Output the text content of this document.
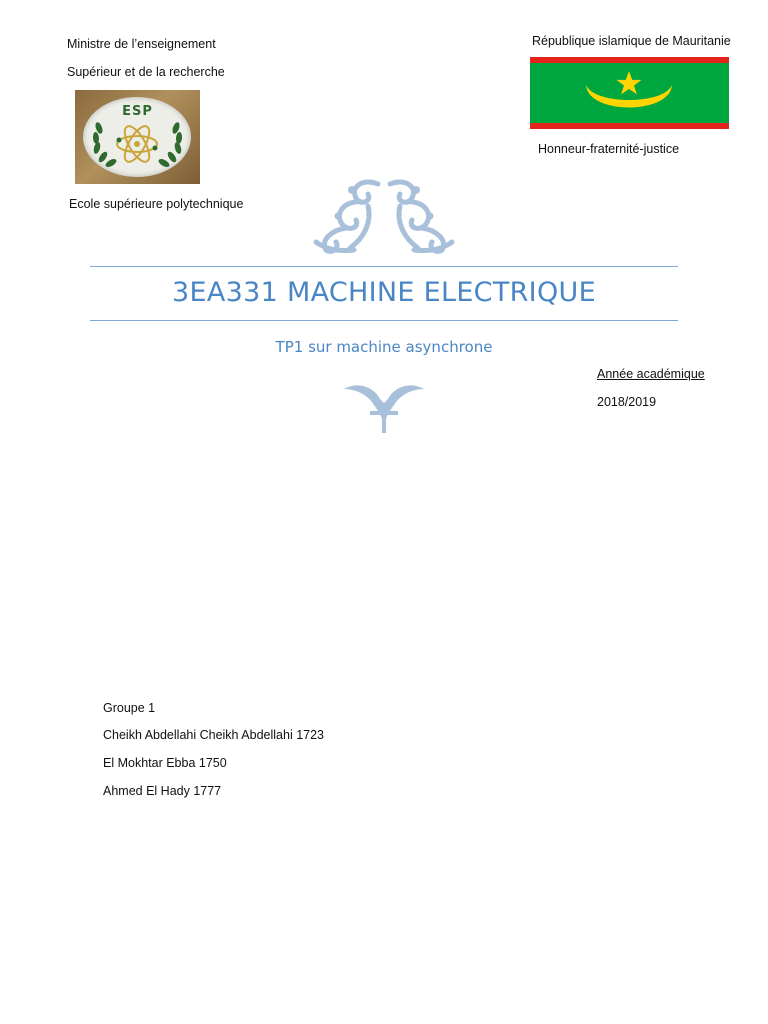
Ministre de l’enseignement
Supérieur et de la recherche
ESP
Ecole supérieure polytechnique
République islamique de Mauritanie
Honneur-fraternité-justice
3EA331 MACHINE ELECTRIQUE
TP1 sur machine asynchrone
Année académique
2018/2019
Groupe 1
Cheikh Abdellahi Cheikh Abdellahi 1723
El Mokhtar Ebba 1750
Ahmed El Hady 1777
